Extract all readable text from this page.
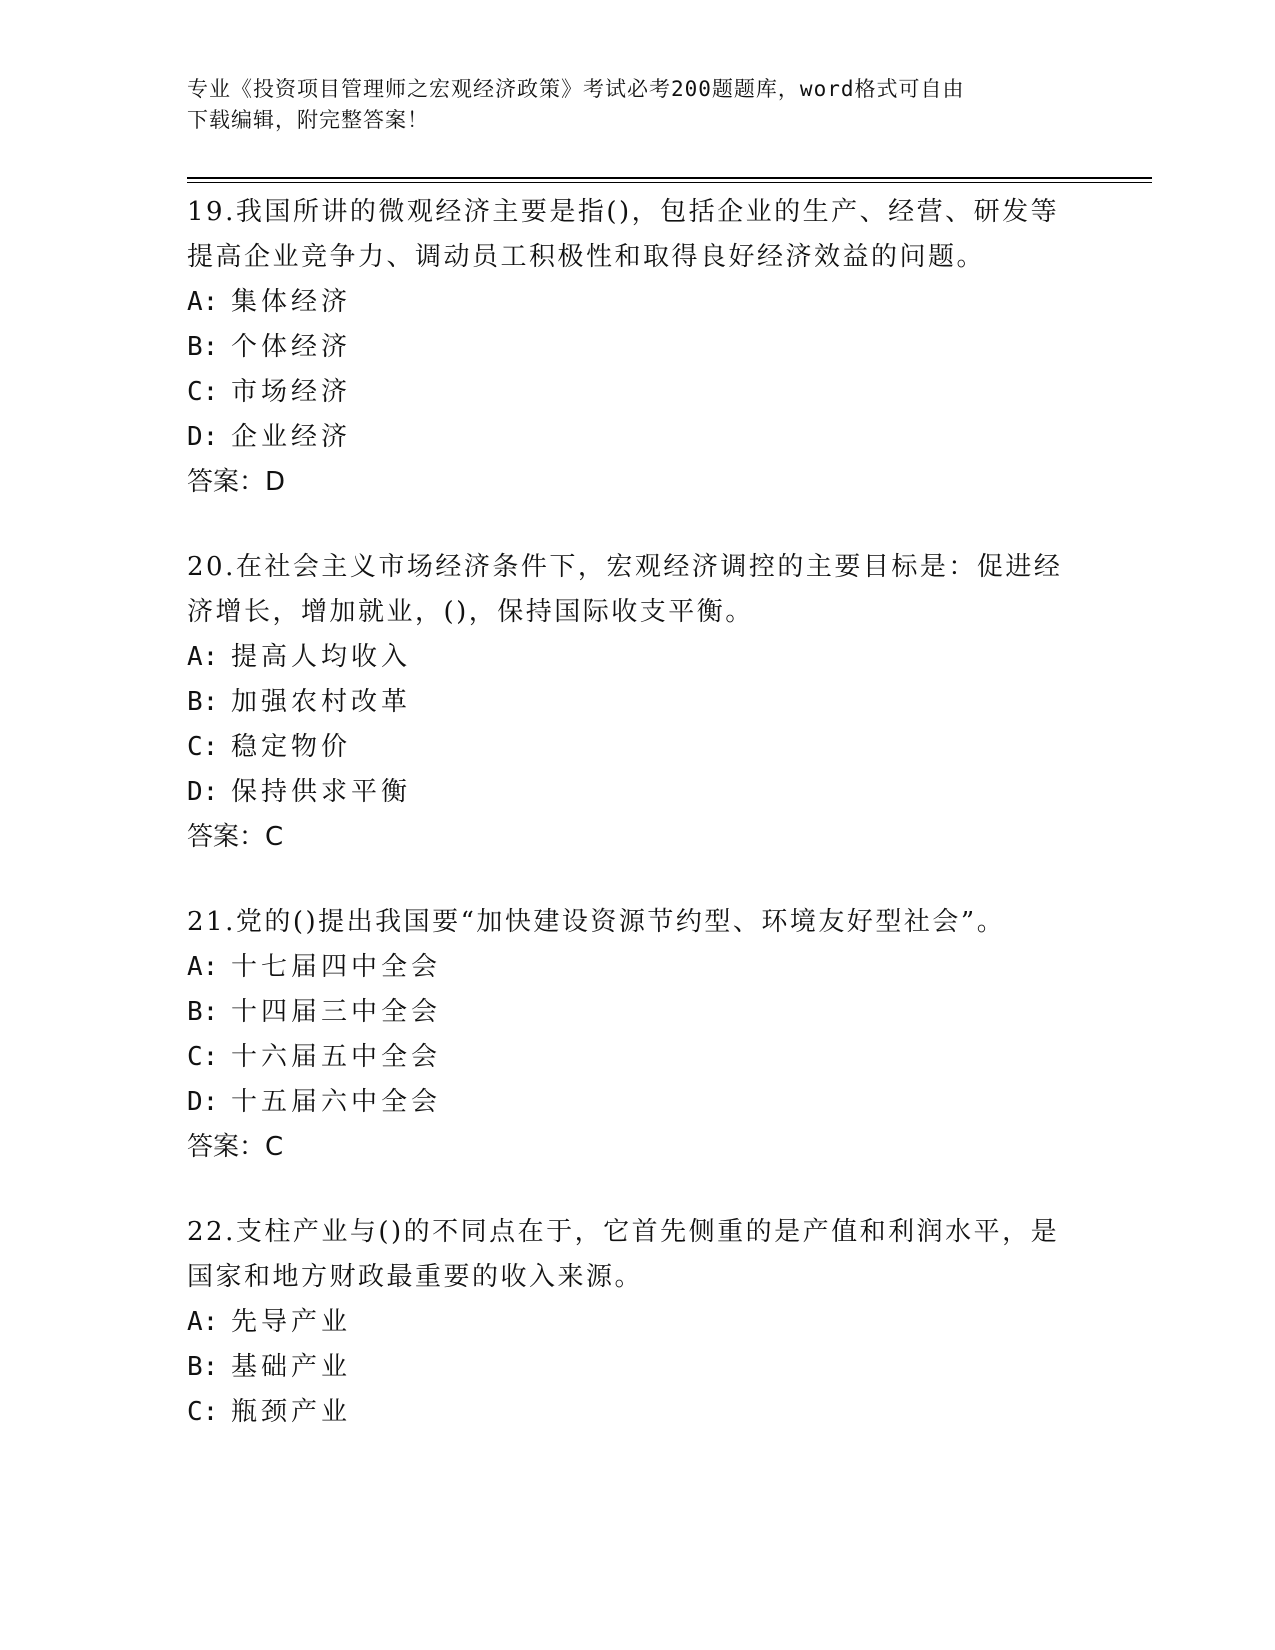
专业《投资项目管理师之宏观经济政策》考试必考200题题库，word格式可自由
下载编辑，附完整答案！

19.我国所讲的微观经济主要是指()，包括企业的生产、经营、研发等提高企业竞争力、调动员工积极性和取得良好经济效益的问题。

A: 集体经济

B: 个体经济

C: 市场经济

D: 企业经济

答案：D

20.在社会主义市场经济条件下，宏观经济调控的主要目标是：促进经济增长，增加就业，()，保持国际收支平衡。

A: 提高人均收入

B: 加强农村改革

C: 稳定物价

D: 保持供求平衡

答案：C

21.党的()提出我国要“加快建设资源节约型、环境友好型社会”。

A: 十七届四中全会

B: 十四届三中全会

C: 十六届五中全会

D: 十五届六中全会

答案：C

22.支柱产业与()的不同点在于，它首先侧重的是产值和利润水平，是国家和地方财政最重要的收入来源。

A: 先导产业

B: 基础产业

C: 瓶颈产业
